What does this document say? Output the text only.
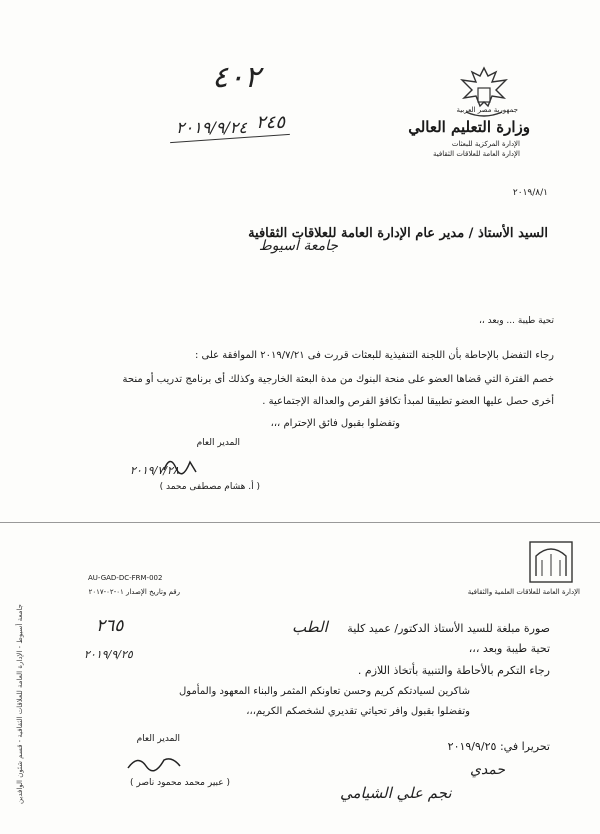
جمهورية مصر العربية
وزارة التعليم العالي
الإدارة المركزية للبعثات
الإدارة العامة للعلاقات الثقافية
٢٠١٩/٨/١
٤٠٢
٢٤٥
٢٠١٩/٩/٢٤
السيد الأستاذ / مدير عام الإدارة العامة للعلاقات الثقافية
جامعة أسيوط
تحية طيبة ... وبعد ،،
رجاء التفضل بالإحاطة بأن اللجنة التنفيذية للبعثات قررت فى ٢٠١٩/٧/٢١ الموافقة على :
خصم الفترة التي قضاها العضو على منحة البنوك من مدة البعثة الخارجية وكذلك أى برنامج تدريب أو منحة
أخرى حصل عليها العضو تطبيقا لمبدأ تكافؤ الفرص والعدالة الإجتماعية .
وتفضلوا بقبول فائق الإحترام ،،،
المدير العام
٢٠١٩/٧/٢٨
( أ. هشام مصطفى محمد )
الإدارة العامة للعلاقات العلمية والثقافية
AU-GAD-DC-FRM-002
رقم وتاريخ الإصدار ٠١-٠٢-٢٠١٧
جامعة أسيوط - الإدارة العامة للعلاقات الثقافية - قسم شئون الوافدين	٢٦٥
٢٠١٩/٩/٢٥
صورة مبلغة للسيد الأستاذ الدكتور/ عميد كلية
الطب
تحية طيبة وبعد ،،،
رجاء التكرم بالأحاطة والتنبية بأتخاذ اللازم .
شاكرين لسيادتكم كريم وحسن تعاونكم المثمر والبناء المعهود والمأمول
وتفضلوا بقبول وافر تحياتي تقديري لشخصكم الكريم،،،
المدير العام
( عبير محمد محمود ناصر )
تحريرا في: ٢٠١٩/٩/٢٥
حمدي
نجم علي الشيامي
